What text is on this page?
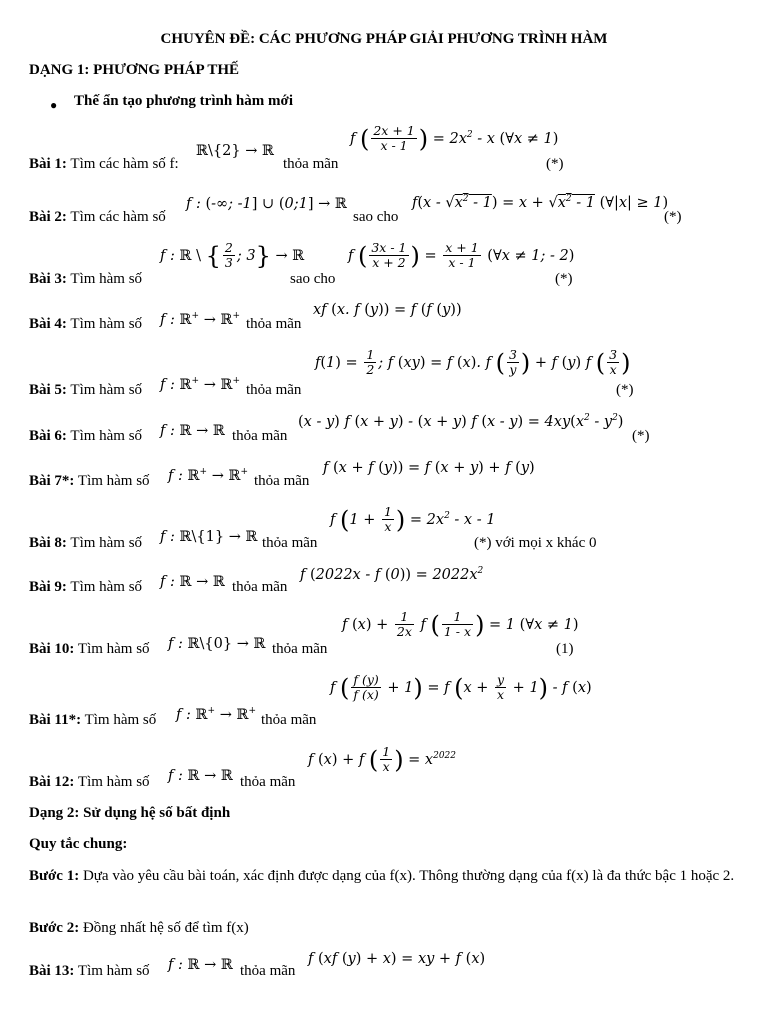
CHUYÊN ĐỀ: CÁC PHƯƠNG PHÁP GIẢI PHƯƠNG TRÌNH HÀM
DẠNG 1: PHƯƠNG PHÁP THẾ
● Thế ẩn tạo phương trình hàm mới
Bài 1: Tìm các hàm số f:
ℝ\{2} → ℝ
thỏa mãn
f ( $\frac{2x + 1}{x - 1}$ ) = $2x^2$ - x (∀x ≠ 1)
(*)
Bài 2: Tìm các hàm số
f : (-∞; -1] ∪ (0;1] → ℝ
sao cho
$f(x - √x^2 - 1) = x + √x^2 - 1$ (∀|x| ≥ 1)
(*)
Bài 3: Tìm hàm số
f : ℝ \ { $\frac{2}{3}$ ; 3} → ℝ
sao cho
f ( $\frac{3x - 1}{x + 2}$ ) = $\frac{x + 1}{x - 1}$ (∀x ≠ 1; - 2)
(*)
Bài 4: Tìm hàm số f : ℝ+ → ℝ+ thỏa mãn
xf (x. f (y)) = f (f (y))
Bài 5: Tìm hàm số f : ℝ+ → ℝ+
thỏa mãn
$f(1) = \frac{1}{2}$ ; f (xy) = f (x). f ( $\frac{3}{y}$ ) + f (y) f ( $\frac{3}{x}$ )
(*)
Bài 6: Tìm hàm số f : ℝ → ℝ thỏa mãn
(x - y) f (x + y) - (x + y) f $(x - y) = 4xy(x^2 - y^2)$
(*)
Bài 7*: Tìm hàm số f : ℝ+ → ℝ+
thỏa mãn
f (x + f (y)) = f (x + y) + f (y)
Bài 8: Tìm hàm số f : ℝ\{1} → ℝ thỏa mãn
f ($1 + \frac{1}{x}$ ) = $2x^2$ - x - 1
(*) với mọi x khác 0
Bài 9: Tìm hàm số f : ℝ → ℝ thỏa mãn
f (2022x - f $(0)) = 2022x^2$
Bài 10: Tìm hàm số f : ℝ\{0} → ℝ thỏa mãn
f $(x) + \frac{1}{2x}$ f ( $\frac{1}{1 - x}$ ) = 1 (∀x ≠ 1)
(1)
Bài 11*: Tìm hàm số f : ℝ+ → ℝ+
thỏa mãn
f ( $\frac{f (y)}{f (x)} + 1) = f$ $(x + \frac{y}{x} + 1) - f$ (x)
Bài 12: Tìm hàm số f : ℝ → ℝ thỏa mãn
f (x) + f ( $\frac{1}{x}$ ) = $x^{2022}$
Dạng 2: Sử dụng hệ số bất định
Quy tắc chung:
Bước 1: Dựa vào yêu cầu bài toán, xác định được dạng của f(x). Thông thường dạng của f(x) là đa thức bậc 1 hoặc 2.
Bước 2: Đồng nhất hệ số để tìm f(x)
Bài 13: Tìm hàm số f : ℝ → ℝ thỏa mãn
f (xf (y) + x) = xy + f (x)
